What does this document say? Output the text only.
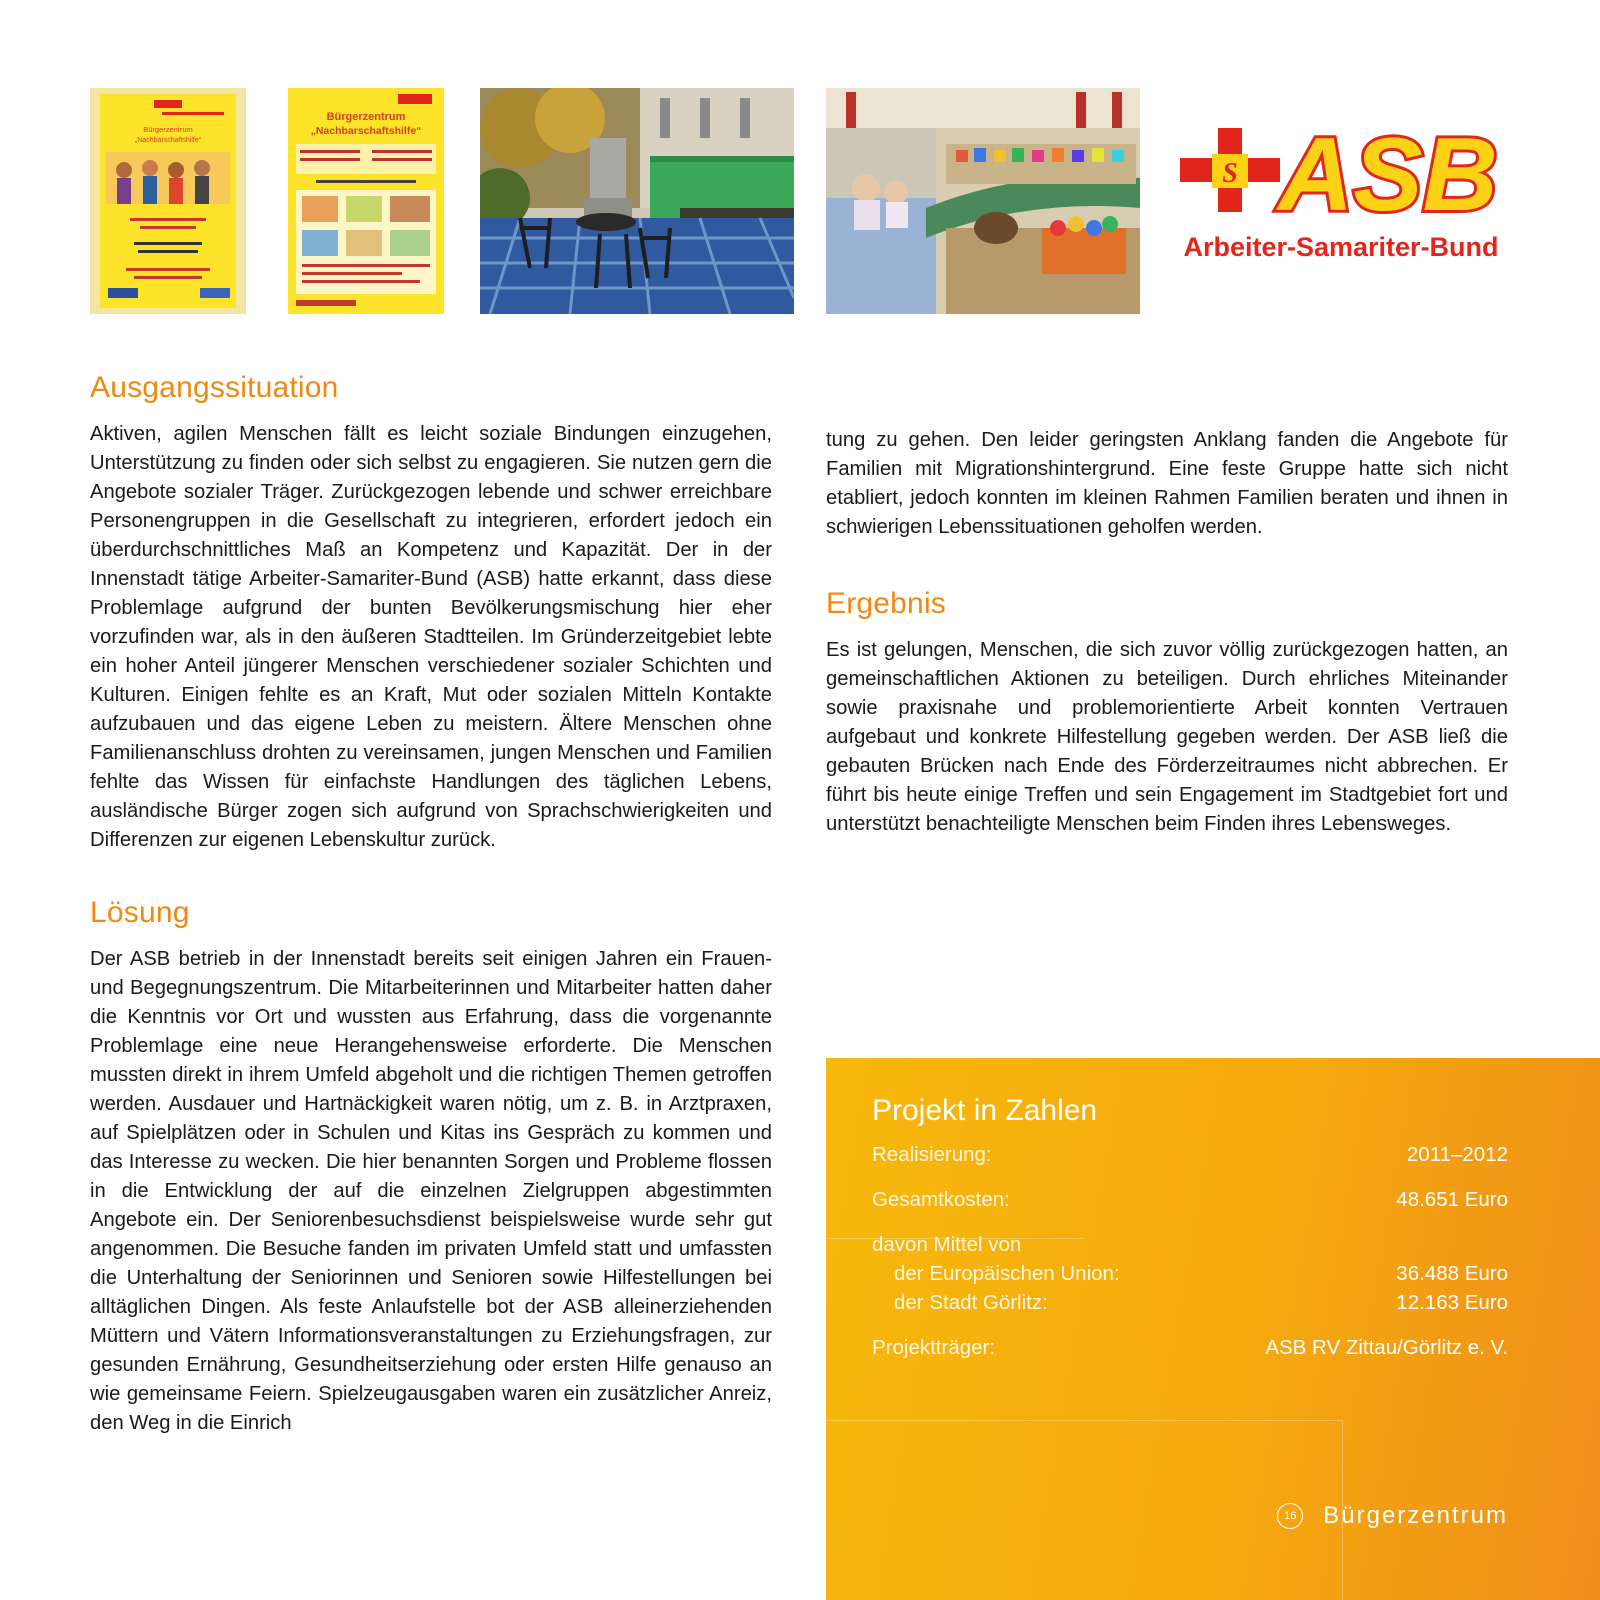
Bürgerzentrum
„Nachbarschaftshilfe“
Bürgerzentrum
„Nachbarschaftshilfe“
S ASB
Arbeiter-Samariter-Bund
Ausgangssituation

Aktiven, agilen Menschen fällt es leicht soziale Bindungen einzugehen, Unterstützung zu finden oder sich selbst zu engagieren. Sie nutzen gern die Angebote sozialer Träger. Zurückgezogen lebende und schwer erreichbare Personengruppen in die Gesellschaft zu integrieren, erfordert jedoch ein überdurchschnittliches Maß an Kompetenz und Kapazität. Der in der Innenstadt tätige Arbeiter-Samariter-Bund (ASB) hatte erkannt, dass diese Problemlage aufgrund der bunten Bevölkerungsmischung hier eher vorzufinden war, als in den äußeren Stadtteilen. Im Gründerzeitgebiet lebte ein hoher Anteil jüngerer Menschen verschiedener sozialer Schichten und Kulturen. Einigen fehlte es an Kraft, Mut oder sozialen Mitteln Kontakte aufzubauen und das eigene Leben zu meistern. Ältere Menschen ohne Familienanschluss drohten zu vereinsamen, jungen Menschen und Familien fehlte das Wissen für einfachste Handlungen des täglichen Lebens, ausländische Bürger zogen sich aufgrund von Sprachschwierigkeiten und Differenzen zur eigenen Lebenskultur zurück.

Lösung

Der ASB betrieb in der Innenstadt bereits seit einigen Jahren ein Frauen- und Begegnungszentrum. Die Mitarbeiterinnen und Mitarbeiter hatten daher die Kenntnis vor Ort und wussten aus Erfahrung, dass die vorgenannte Problemlage eine neue Herangehensweise erforderte. Die Menschen mussten direkt in ihrem Umfeld abgeholt und die richtigen Themen getroffen werden. Ausdauer und Hartnäckigkeit waren nötig, um z. B. in Arztpraxen, auf Spielplätzen oder in Schulen und Kitas ins Gespräch zu kommen und das Interesse zu wecken. Die hier benannten Sorgen und Probleme flossen in die Entwicklung der auf die einzelnen Zielgruppen abgestimmten Angebote ein. Der Seniorenbesuchsdienst beispielsweise wurde sehr gut angenommen. Die Besuche fanden im privaten Umfeld statt und umfassten die Unterhaltung der Seniorinnen und Senioren sowie Hilfestellungen bei alltäglichen Dingen. Als feste Anlaufstelle bot der ASB alleinerziehenden Müttern und Vätern Informationsveranstaltungen zu Erziehungsfragen, zur gesunden Ernährung, Gesundheitserziehung oder ersten Hilfe genauso an wie gemeinsame Feiern. Spielzeugausgaben waren ein zusätzlicher Anreiz, den Weg in die Einrich

tung zu gehen. Den leider geringsten Anklang fanden die Angebote für Familien mit Migrationshintergrund. Eine feste Gruppe hatte sich nicht etabliert, jedoch konnten im kleinen Rahmen Familien beraten und ihnen in schwierigen Lebenssituationen geholfen werden.

Ergebnis

Es ist gelungen, Menschen, die sich zuvor völlig zurückgezogen hatten, an gemeinschaftlichen Aktionen zu beteiligen. Durch ehrliches Miteinander sowie praxisnahe und problemorientierte Arbeit konnten Vertrauen aufgebaut und konkrete Hilfestellung gegeben werden. Der ASB ließ die gebauten Brücken nach Ende des Förderzeitraumes nicht abbrechen. Er führt bis heute einige Treffen und sein Engagement im Stadtgebiet fort und unterstützt benachteiligte Menschen beim Finden ihres Lebensweges.

Projekt in Zahlen
Realisierung:	2011–2012
Gesamtkosten:	48.651 Euro
davon Mittel von
der Europäischen Union:	36.488 Euro
der Stadt Görlitz:	12.163 Euro
Projektträger:	ASB RV Zittau/Görlitz e. V.
16 Bürgerzentrum
